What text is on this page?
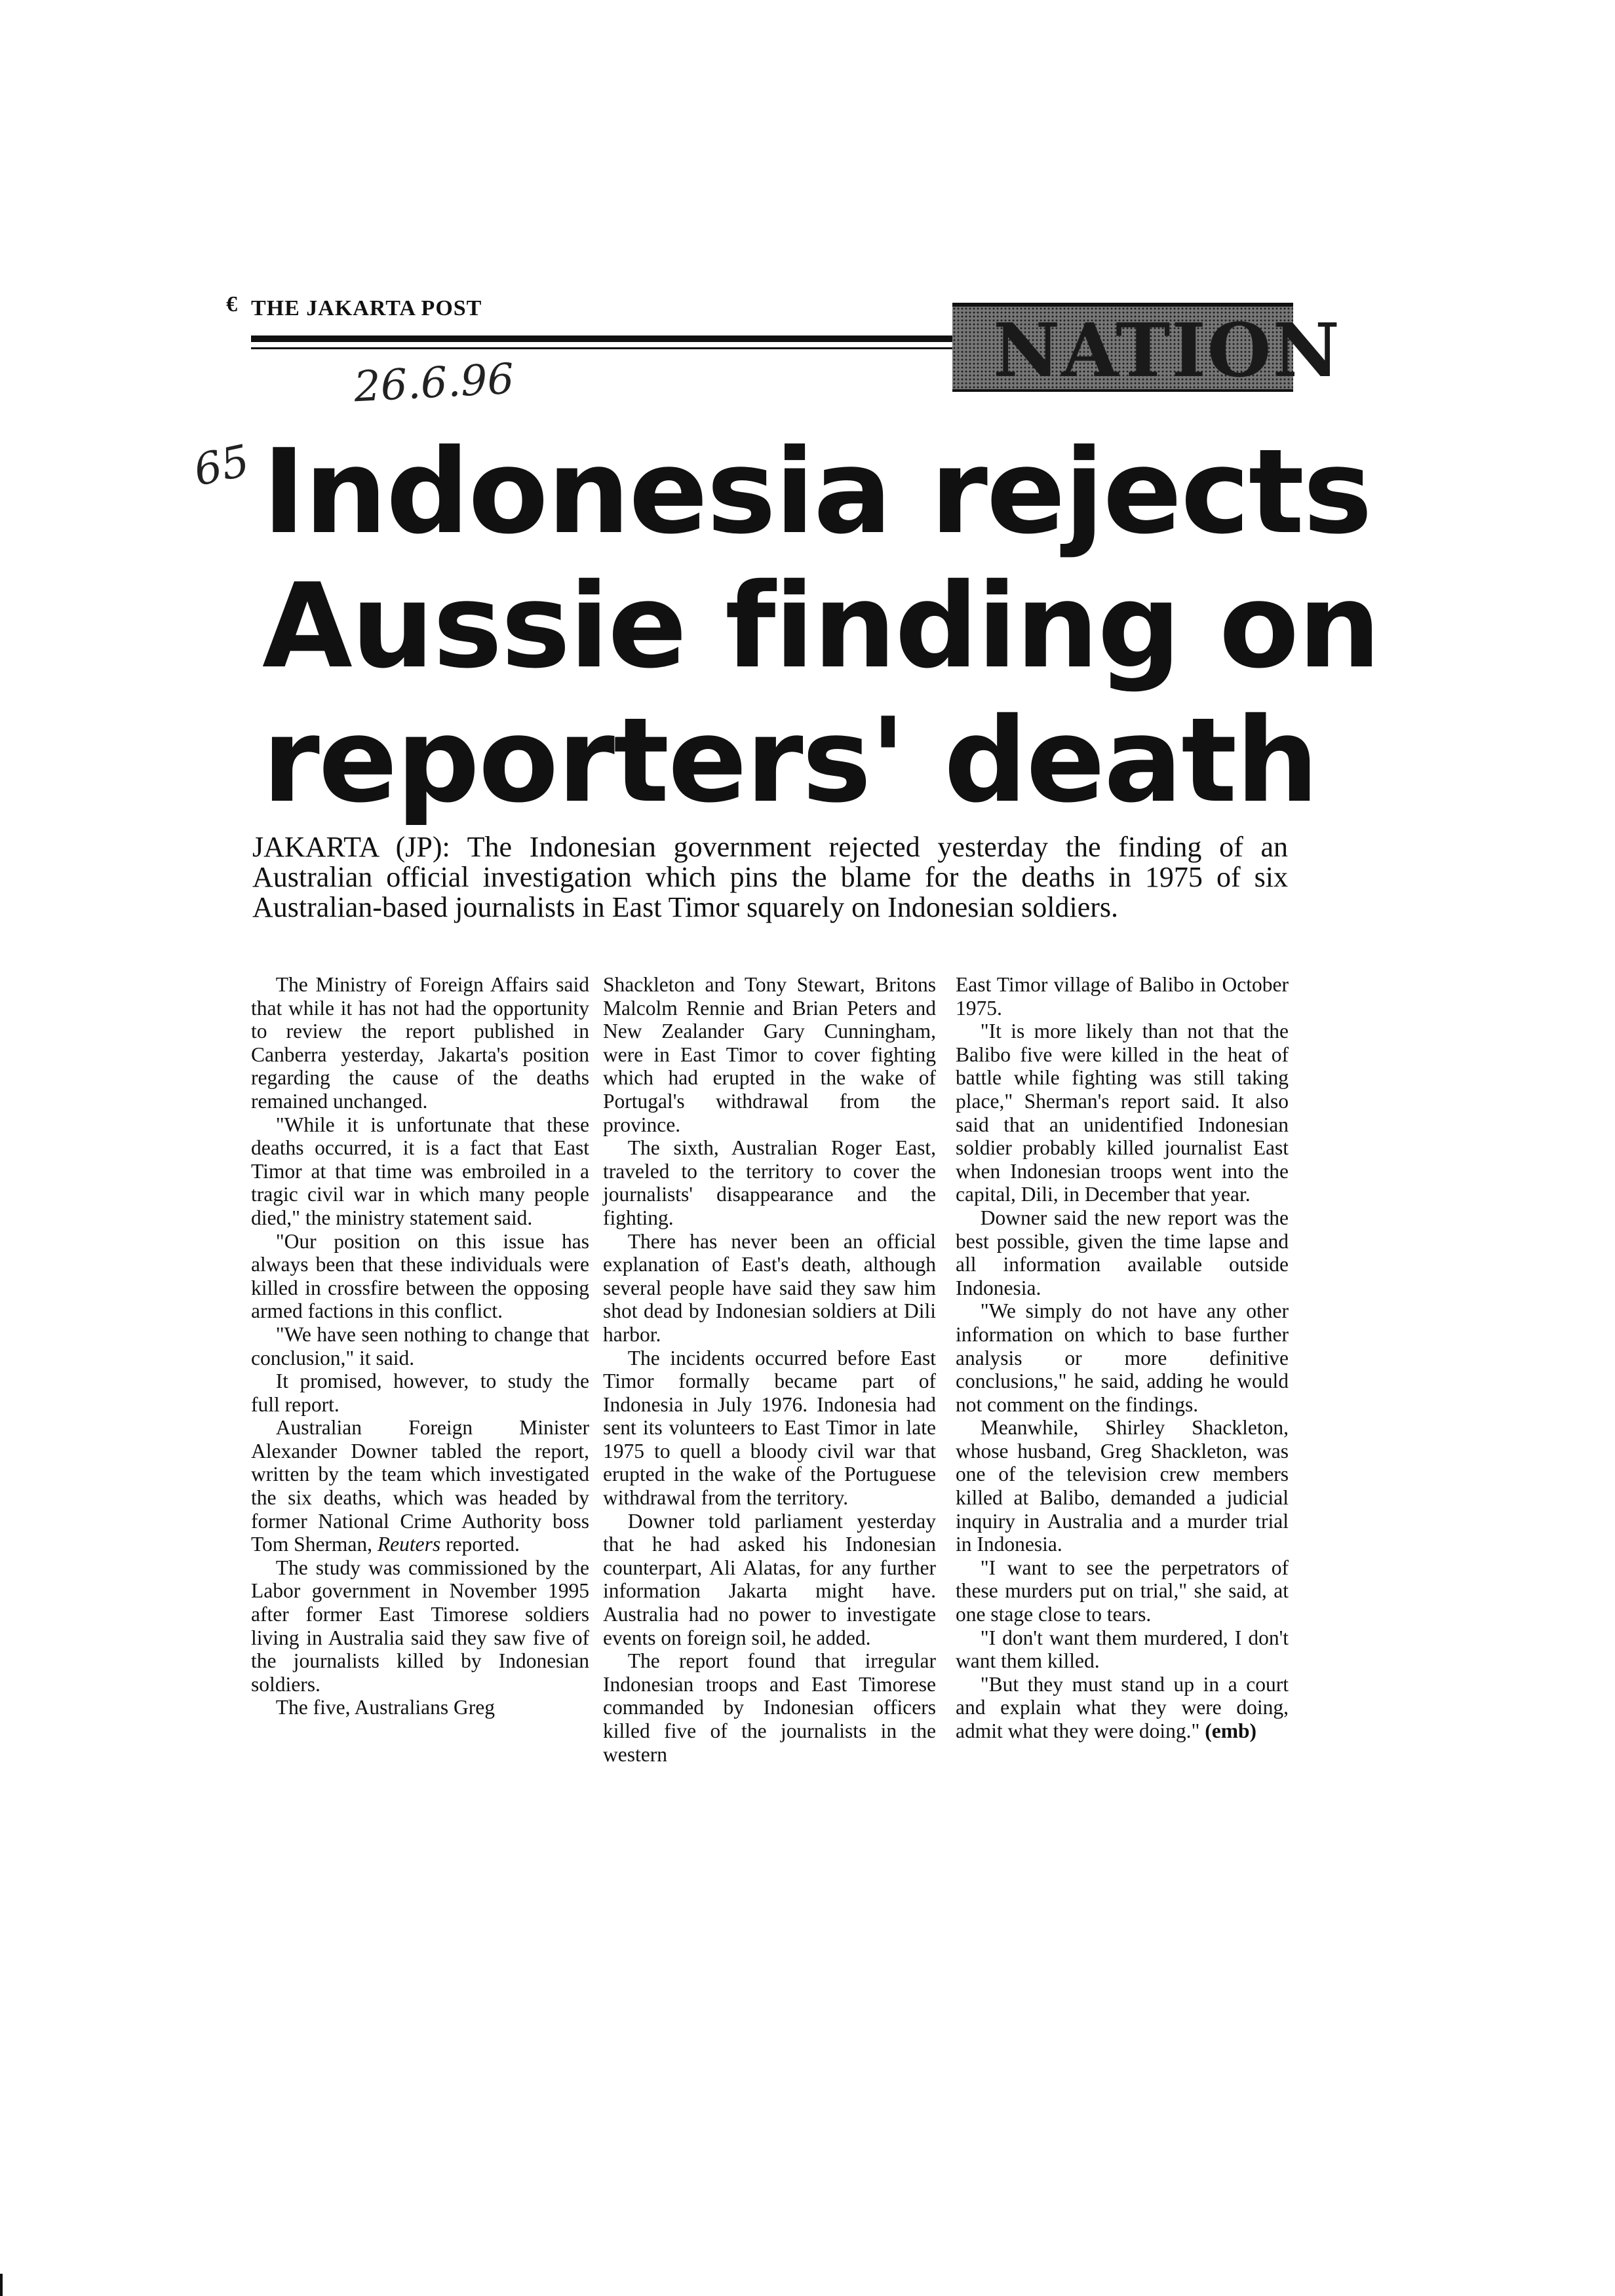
€ THE JAKARTA POST	NATION
26.6.96
65 Indonesia rejects
Aussie finding on
reporters' death
JAKARTA (JP): The Indonesian government rejected yesterday the finding of an Australian official investigation which pins the blame for the deaths in 1975 of six Australian-based journalists in East Timor squarely on Indonesian soldiers.

The Ministry of Foreign Affairs said that while it has not had the opportunity to review the report published in Canberra yesterday, Jakarta's position regarding the cause of the deaths remained unchanged.

"While it is unfortunate that these deaths occurred, it is a fact that East Timor at that time was embroiled in a tragic civil war in which many people died," the ministry statement said.

"Our position on this issue has always been that these individuals were killed in crossfire between the opposing armed factions in this conflict.

"We have seen nothing to change that conclusion," it said.

It promised, however, to study the full report.

Australian Foreign Minister Alexander Downer tabled the report, written by the team which investigated the six deaths, which was headed by former National Crime Authority boss Tom Sherman, Reuters reported.

The study was commissioned by the Labor government in November 1995 after former East Timorese soldiers living in Australia said they saw five of the journalists killed by Indonesian soldiers.

The five, Australians Greg

Shackleton and Tony Stewart, Britons Malcolm Rennie and Brian Peters and New Zealander Gary Cunningham, were in East Timor to cover fighting which had erupted in the wake of Portugal's withdrawal from the province.

The sixth, Australian Roger East, traveled to the territory to cover the journalists' disappearance and the fighting.

There has never been an official explanation of East's death, although several people have said they saw him shot dead by Indonesian soldiers at Dili harbor.

The incidents occurred before East Timor formally became part of Indonesia in July 1976. Indonesia had sent its volunteers to East Timor in late 1975 to quell a bloody civil war that erupted in the wake of the Portuguese withdrawal from the territory.

Downer told parliament yesterday that he had asked his Indonesian counterpart, Ali Alatas, for any further information Jakarta might have. Australia had no power to investigate events on foreign soil, he added.

The report found that irregular Indonesian troops and East Timorese commanded by Indonesian officers killed five of the journalists in the western

East Timor village of Balibo in October 1975.

"It is more likely than not that the Balibo five were killed in the heat of battle while fighting was still taking place," Sherman's report said. It also said that an unidentified Indonesian soldier probably killed journalist East when Indonesian troops went into the capital, Dili, in December that year.

Downer said the new report was the best possible, given the time lapse and all information available outside Indonesia.

"We simply do not have any other information on which to base further analysis or more definitive conclusions," he said, adding he would not comment on the findings.

Meanwhile, Shirley Shackleton, whose husband, Greg Shackleton, was one of the television crew members killed at Balibo, demanded a judicial inquiry in Australia and a murder trial in Indonesia.

"I want to see the perpetrators of these murders put on trial," she said, at one stage close to tears.

"I don't want them murdered, I don't want them killed.

"But they must stand up in a court and explain what they were doing, admit what they were doing." (emb)
